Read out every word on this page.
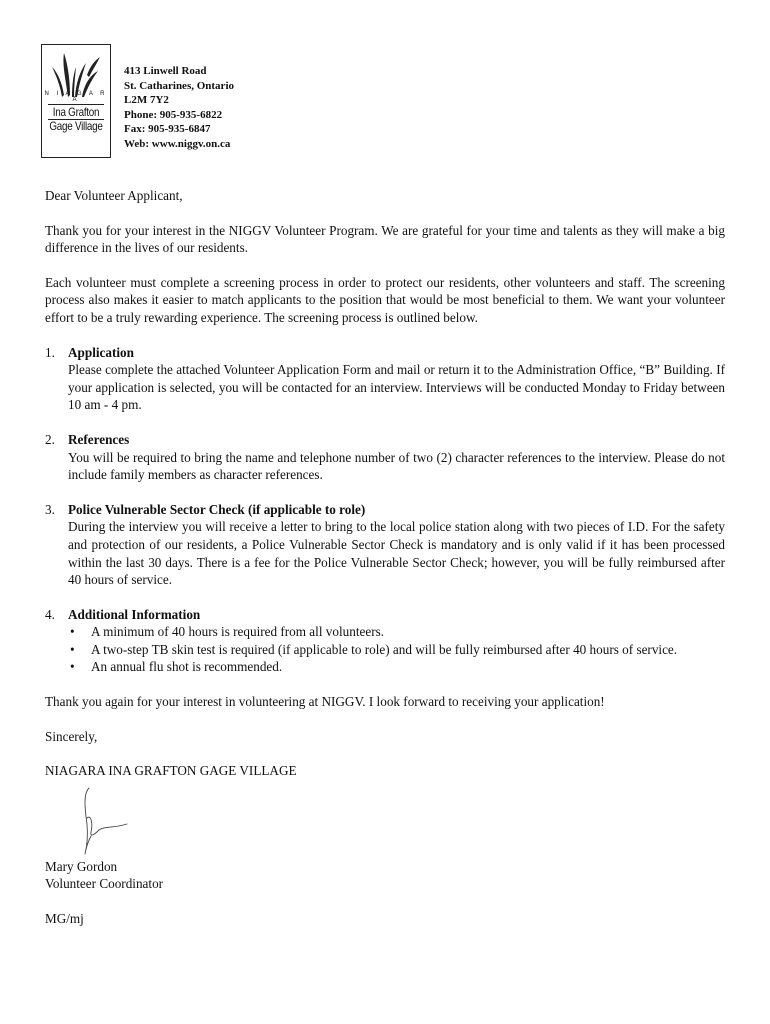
N I A G A R A
Ina Grafton
Gage Village
413 Linwell Road
St. Catharines, Ontario
L2M 7Y2
Phone: 905-935-6822
Fax: 905-935-6847
Web: www.niggv.on.ca

Dear Volunteer Applicant,

Thank you for your interest in the NIGGV Volunteer Program. We are grateful for your time and talents as they will make a big difference in the lives of our residents.

Each volunteer must complete a screening process in order to protect our residents, other volunteers and staff. The screening process also makes it easier to match applicants to the position that would be most beneficial to them. We want your volunteer effort to be a truly rewarding experience. The screening process is outlined below.

1. Application

Please complete the attached Volunteer Application Form and mail or return it to the Administration Office, “B” Building. If your application is selected, you will be contacted for an interview. Interviews will be conducted Monday to Friday between 10 am - 4 pm.

2. References

You will be required to bring the name and telephone number of two (2) character references to the interview. Please do not include family members as character references.

3. Police Vulnerable Sector Check (if applicable to role)

During the interview you will receive a letter to bring to the local police station along with two pieces of I.D. For the safety and protection of our residents, a Police Vulnerable Sector Check is mandatory and is only valid if it has been processed within the last 30 days. There is a fee for the Police Vulnerable Sector Check; however, you will be fully reimbursed after 40 hours of service.

4. Additional Information
• A minimum of 40 hours is required from all volunteers.
• A two-step TB skin test is required (if applicable to role) and will be fully reimbursed after 40 hours of service.
• An annual flu shot is recommended.

Thank you again for your interest in volunteering at NIGGV. I look forward to receiving your application!

Sincerely,

NIAGARA INA GRAFTON GAGE VILLAGE

Mary Gordon

Volunteer Coordinator

MG/mj
